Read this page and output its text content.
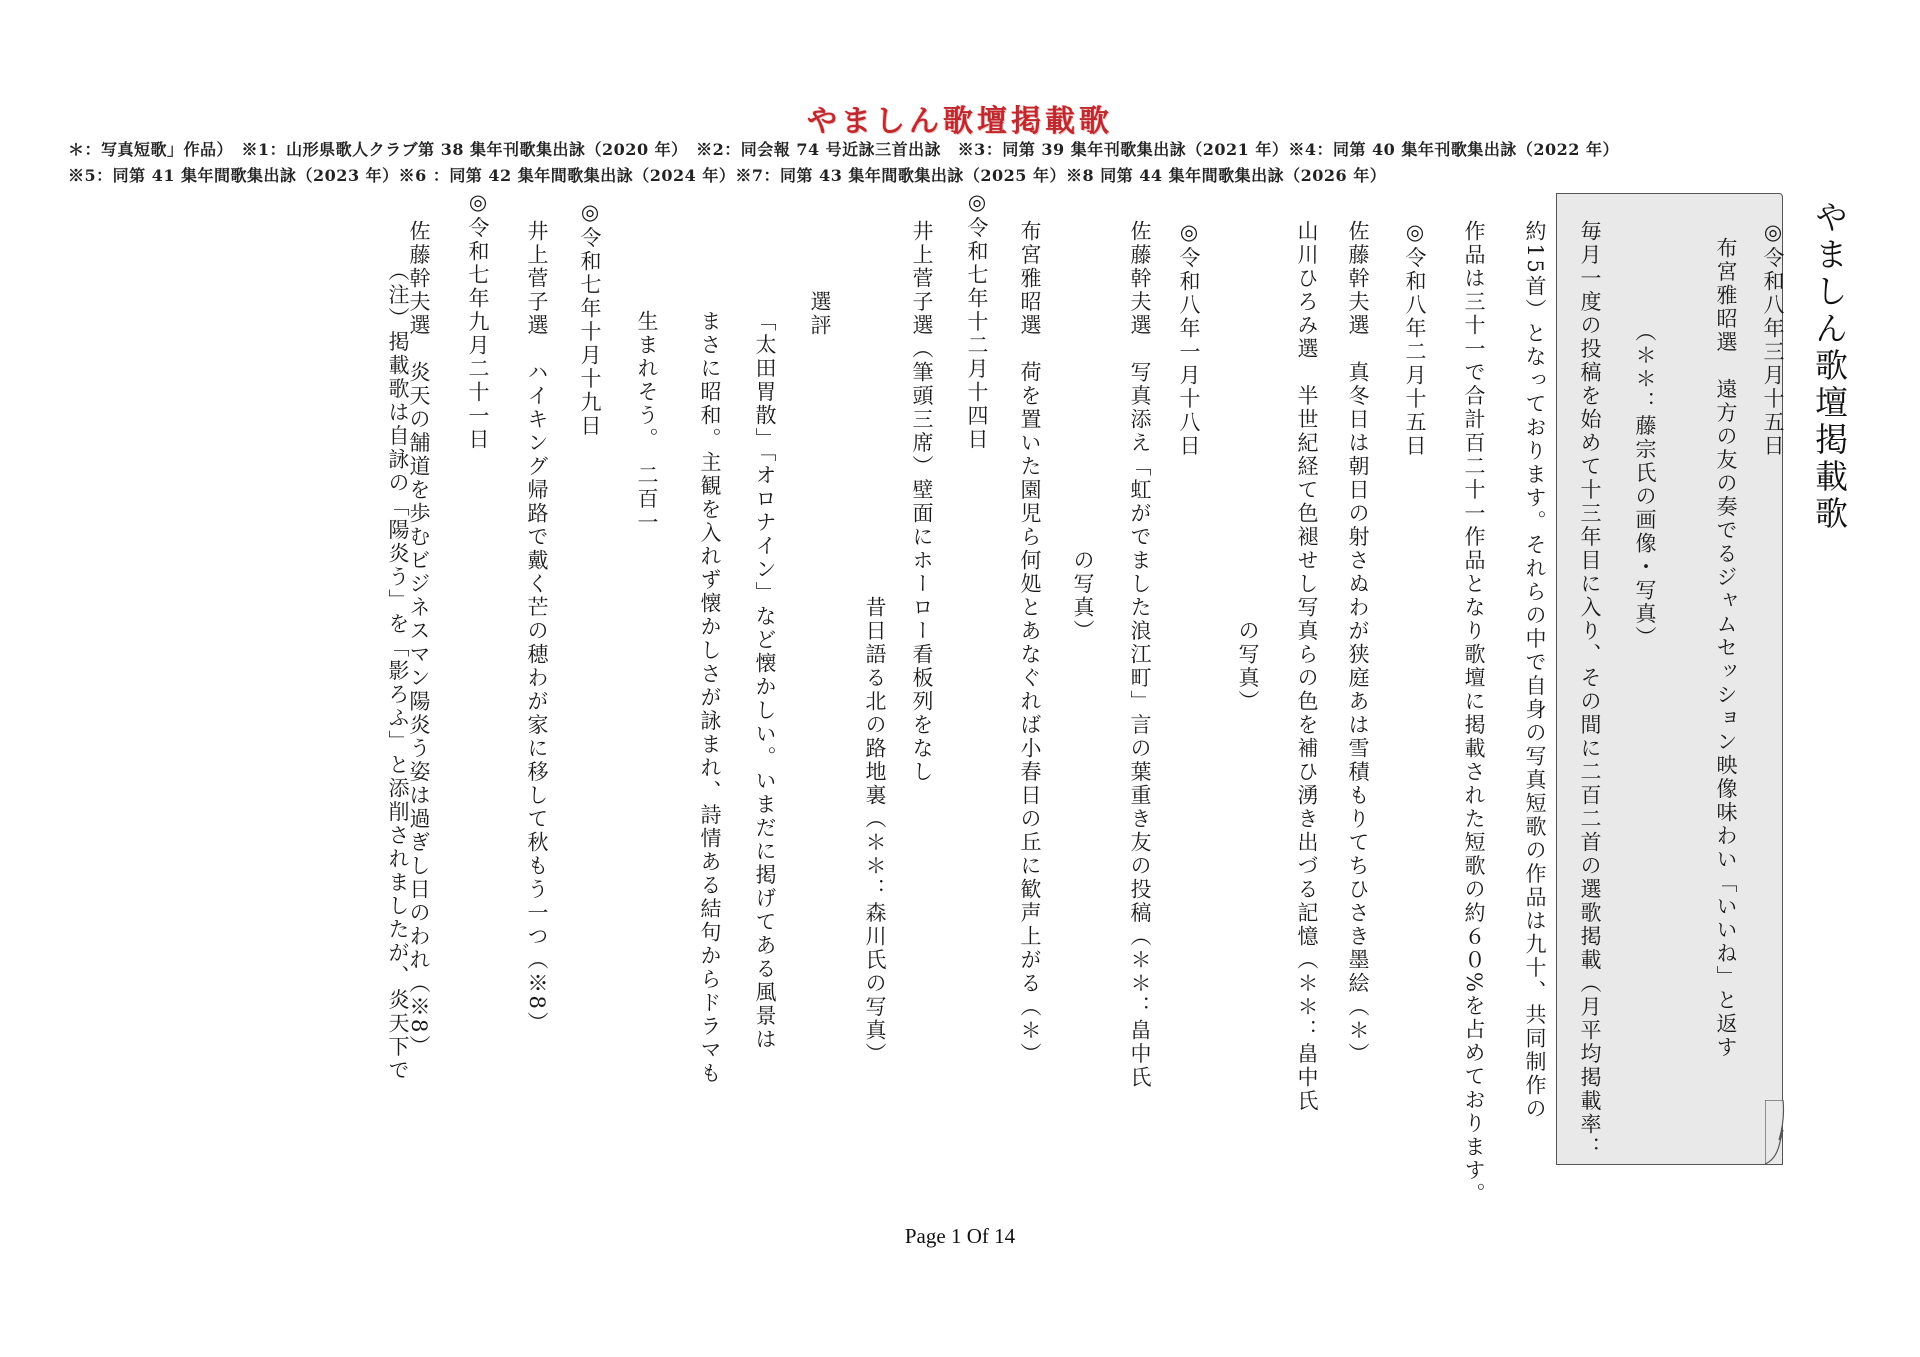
やましん歌壇掲載歌
＊：写真短歌」作品）　※1：山形県歌人クラブ第 38 集年刊歌集出詠（2020 年）　※2：同会報 74 号近詠三首出詠　※3：同第 39 集年刊歌集出詠（2021 年）※4：同第 40 集年刊歌集出詠（2022 年）
※5：同第 41 集年間歌集出詠（2023 年）※6 ：同第 42 集年間歌集出詠（2024 年）※7：同第 43 集年間歌集出詠（2025 年）※8 同第 44 集年間歌集出詠（2026 年）
やましん歌壇掲載歌
◎令和八年三月十五日
　　布宮雅昭選　遠方の友の奏でるジャムセッション映像味わい「いいね」と返す
　　　　　　（＊＊：藤宗氏の画像・写真）
毎月一度の投稿を始めて十三年目に入り、その間に二百二首の選歌掲載（月平均掲載率：
約15首）となっております。それらの中で自身の写真短歌の作品は九十、共同制作の
作品は三十一で合計百二十一作品となり歌壇に掲載された短歌の約６０%を占めております。
◎令和八年二月十五日
佐藤幹夫選　真冬日は朝日の射さぬわが狭庭あは雪積もりてちひさき墨絵（＊）
山川ひろみ選　半世紀経て色褪せし写真らの色を補ひ湧き出づる記憶（＊＊：畠中氏
　　　　　　　　　　　　　　　　　の写真）
◎令和八年一月十八日
佐藤幹夫選　写真添え「虹がでました浪江町」言の葉重き友の投稿（＊＊：畠中氏
　　　　　　　　　　　　　　の写真）
布宮雅昭選　荷を置いた園児ら何処とあなぐれば小春日の丘に歓声上がる（＊）
◎令和七年十二月十四日
井上菅子選（筆頭三席）壁面にホーロー看板列をなし
　　　　　　　　　　　　　　　　昔日語る北の路地裏（＊＊：森川氏の写真）
　　　選評
「太田胃散」「オロナイン」など懐かしい。いまだに掲げてある風景は
まさに昭和。主観を入れず懐かしさが詠まれ、詩情ある結句からドラマも
生まれそう。　二百一
◎令和七年十月十九日
井上菅子選　ハイキング帰路で戴く芒の穂わが家に移して秋もう一つ（※8）
◎令和七年九月二十一日
佐藤幹夫選　炎天の舗道を歩むビジネスマン陽炎う姿は過ぎし日のわれ（※8）
（注）掲載歌は自詠の「陽炎う」を「影ろふ」と添削されましたが、炎天下で
Page 1 Of 14
